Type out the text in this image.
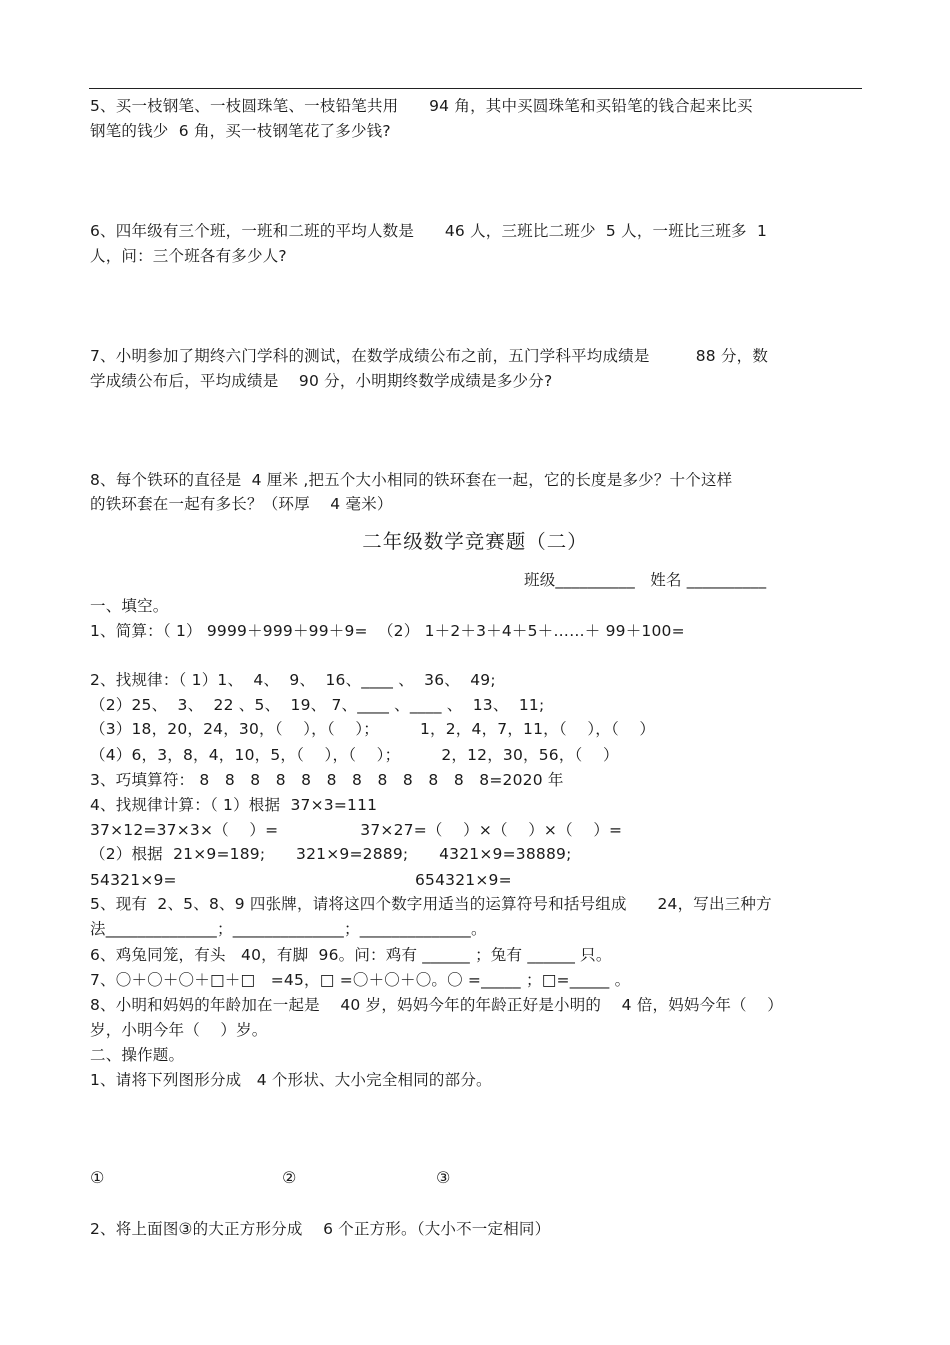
5、买一枝钢笔、一枝圆珠笔、一枝铅笔共用      94 角，其中买圆珠笔和买铅笔的钱合起来比买
钢笔的钱少  6 角，买一枝钢笔花了多少钱?
6、四年级有三个班，一班和二班的平均人数是      46 人，三班比二班少  5 人，一班比三班多  1
人，问：三个班各有多少人?
7、小明参加了期终六门学科的测试，在数学成绩公布之前，五门学科平均成绩是         88 分，数
学成绩公布后，平均成绩是    90 分，小明期终数学成绩是多少分?
8、每个铁环的直径是  4 厘米 ,把五个大小相同的铁环套在一起，它的长度是多少？十个这样
的铁环套在一起有多长？（环厚    4 毫米）
二年级数学竞赛题（二）
班级__________   姓名 __________
一、填空。
1、简算：（ 1） 9999＋999＋99＋9=  （2） 1＋2＋3＋4＋5＋……＋ 99＋100=
2、找规律：（ 1）1、  4、  9、  16、____ 、  36、  49;
（2）25、  3、  22 、5、  19、 7、____ 、____ 、  13、  11;
（3）18，20，24，30，（    ），（    ）；        1，2，4，7，11，（    ），（    ）
（4）6，3，8，4，10，5，（    ），（    ）；        2，12，30，56，（    ）
3、巧填算符： 8   8   8   8   8   8   8   8   8   8   8   8=2020 年
4、找规律计算：（ 1）根据  37×3=111
37×12=37×3×（    ）=                37×27=（    ）×（    ）×（    ）=
（2）根据  21×9=189;      321×9=2889;      4321×9=38889;
54321×9=	654321×9=
5、现有  2、5、8、9 四张牌，请将这四个数字用适当的运算符号和括号组成      24，写出三种方
法______________；______________；______________。
6、鸡兔同笼，有头   40，有脚  96。问：鸡有 ______ ；兔有 ______ 只。
7、〇＋〇＋〇＋□＋□   =45，□ =〇＋〇＋〇。〇 =_____ ；□=_____ 。
8、小明和妈妈的年龄加在一起是    40 岁，妈妈今年的年龄正好是小明的    4 倍，妈妈今年（    ）
岁，小明今年（    ）岁。
二、操作题。
1、请将下列图形分成   4 个形状、大小完全相同的部分。
①	②	③
2、将上面图③的大正方形分成    6 个正方形。（大小不一定相同）
